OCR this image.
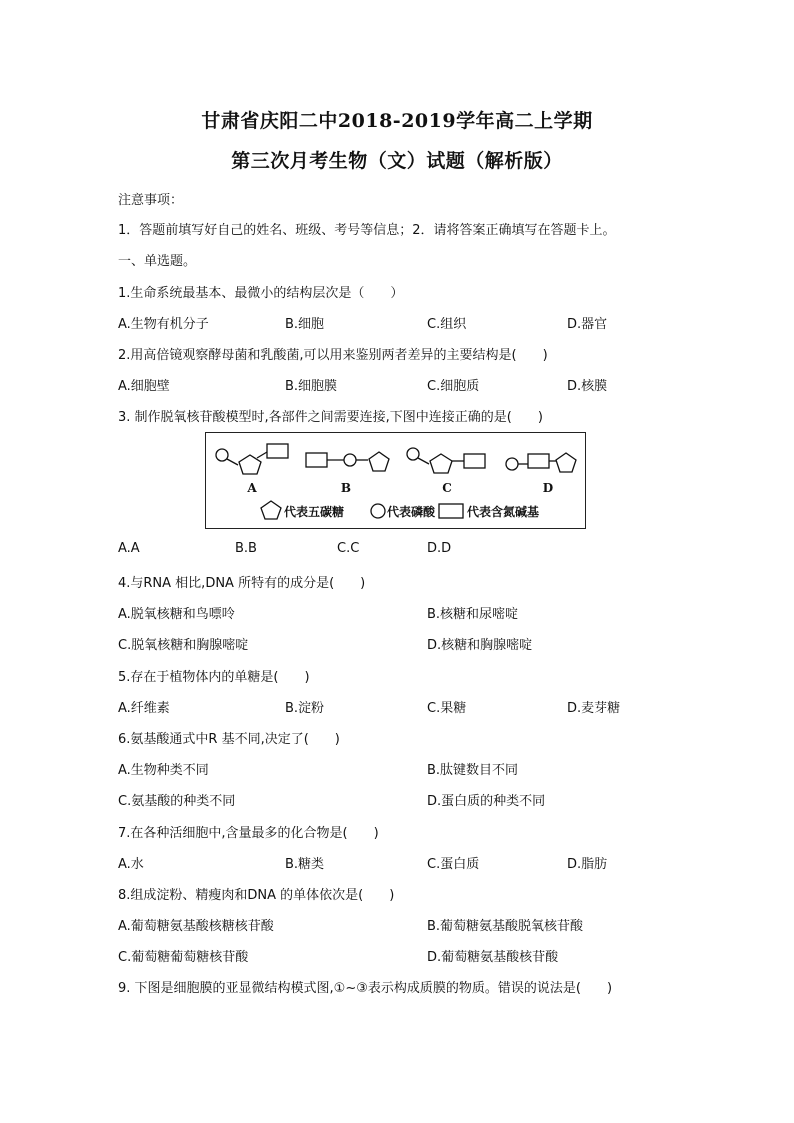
甘肃省庆阳二中2018-2019学年高二上学期
第三次月考生物（文）试题（解析版）
注意事项：
1．答题前填写好自己的姓名、班级、考号等信息；2．请将答案正确填写在答题卡上。
一、单选题。
1.生命系统最基本、最微小的结构层次是（　　）
A.生物有机分子	B.细胞	C.组织	D.器官
2.用高倍镜观察酵母菌和乳酸菌,可以用来鉴别两者差异的主要结构是(　　)
A.细胞壁	B.细胞膜	C.细胞质	D.核膜
3. 制作脱氧核苷酸模型时,各部件之间需要连接,下图中连接正确的是(　　)
A	B	C	D
代表五碳糖	代表磷酸	代表含氮碱基
A.A	B.B	C.C	D.D
4.与RNA 相比,DNA 所特有的成分是(　　)
A.脱氧核糖和鸟嘌呤	B.核糖和尿嘧啶
C.脱氧核糖和胸腺嘧啶	D.核糖和胸腺嘧啶
5.存在于植物体内的单糖是(　　)
A.纤维素	B.淀粉	C.果糖	D.麦芽糖
6.氨基酸通式中R 基不同,决定了(　　)
A.生物种类不同	B.肽键数目不同
C.氨基酸的种类不同	D.蛋白质的种类不同
7.在各种活细胞中,含量最多的化合物是(　　)
A.水	B.糖类	C.蛋白质	D.脂肪
8.组成淀粉、精瘦肉和DNA 的单体依次是(　　)
A.葡萄糖氨基酸核糖核苷酸	B.葡萄糖氨基酸脱氧核苷酸
C.葡萄糖葡萄糖核苷酸	D.葡萄糖氨基酸核苷酸
9. 下图是细胞膜的亚显微结构模式图,①~③表示构成质膜的物质。错误的说法是(　　)
